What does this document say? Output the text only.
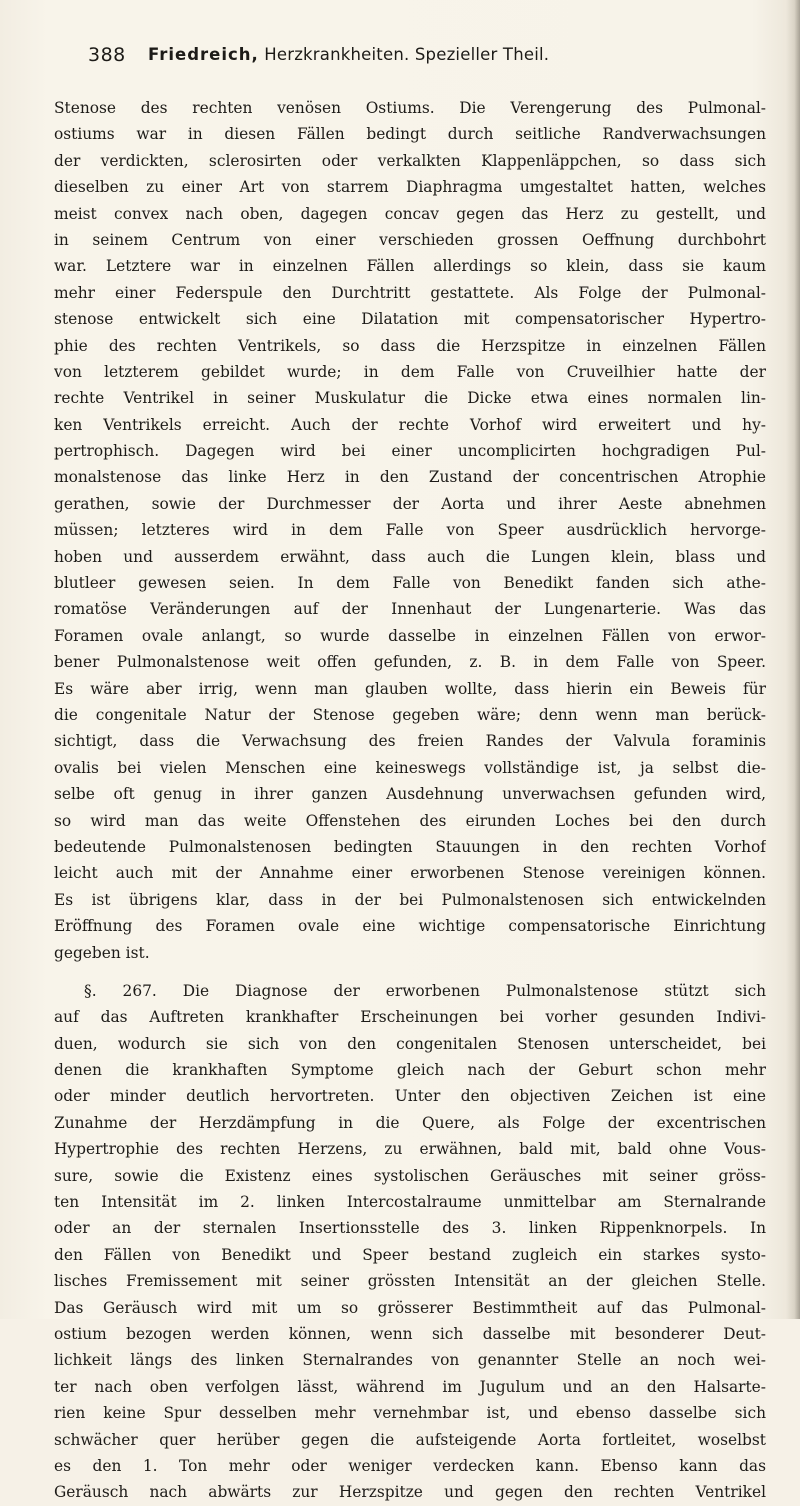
388 Friedreich, Herzkrankheiten. Spezieller Theil.
Stenose des rechten venösen Ostiums. Die Verengerung des Pulmonal-
ostiums war in diesen Fällen bedingt durch seitliche Randverwachsungen
der verdickten, sclerosirten oder verkalkten Klappenläppchen, so dass sich
dieselben zu einer Art von starrem Diaphragma umgestaltet hatten, welches
meist convex nach oben, dagegen concav gegen das Herz zu gestellt, und
in seinem Centrum von einer verschieden grossen Oeffnung durchbohrt
war. Letztere war in einzelnen Fällen allerdings so klein, dass sie kaum
mehr einer Federspule den Durchtritt gestattete. Als Folge der Pulmonal-
stenose entwickelt sich eine Dilatation mit compensatorischer Hypertro-
phie des rechten Ventrikels, so dass die Herzspitze in einzelnen Fällen
von letzterem gebildet wurde; in dem Falle von Cruveilhier hatte der
rechte Ventrikel in seiner Muskulatur die Dicke etwa eines normalen lin-
ken Ventrikels erreicht. Auch der rechte Vorhof wird erweitert und hy-
pertrophisch. Dagegen wird bei einer uncomplicirten hochgradigen Pul-
monalstenose das linke Herz in den Zustand der concentrischen Atrophie
gerathen, sowie der Durchmesser der Aorta und ihrer Aeste abnehmen
müssen; letzteres wird in dem Falle von Speer ausdrücklich hervorge-
hoben und ausserdem erwähnt, dass auch die Lungen klein, blass und
blutleer gewesen seien. In dem Falle von Benedikt fanden sich athe-
romatöse Veränderungen auf der Innenhaut der Lungenarterie. Was das
Foramen ovale anlangt, so wurde dasselbe in einzelnen Fällen von erwor-
bener Pulmonalstenose weit offen gefunden, z. B. in dem Falle von Speer.
Es wäre aber irrig, wenn man glauben wollte, dass hierin ein Beweis für
die congenitale Natur der Stenose gegeben wäre; denn wenn man berück-
sichtigt, dass die Verwachsung des freien Randes der Valvula foraminis
ovalis bei vielen Menschen eine keineswegs vollständige ist, ja selbst die-
selbe oft genug in ihrer ganzen Ausdehnung unverwachsen gefunden wird,
so wird man das weite Offenstehen des eirunden Loches bei den durch
bedeutende Pulmonalstenosen bedingten Stauungen in den rechten Vorhof
leicht auch mit der Annahme einer erworbenen Stenose vereinigen können.
Es ist übrigens klar, dass in der bei Pulmonalstenosen sich entwickelnden
Eröffnung des Foramen ovale eine wichtige compensatorische Einrichtung
gegeben ist.
§. 267. Die Diagnose der erworbenen Pulmonalstenose stützt sich
auf das Auftreten krankhafter Erscheinungen bei vorher gesunden Indivi-
duen, wodurch sie sich von den congenitalen Stenosen unterscheidet, bei
denen die krankhaften Symptome gleich nach der Geburt schon mehr
oder minder deutlich hervortreten. Unter den objectiven Zeichen ist eine
Zunahme der Herzdämpfung in die Quere, als Folge der excentrischen
Hypertrophie des rechten Herzens, zu erwähnen, bald mit, bald ohne Vous-
sure, sowie die Existenz eines systolischen Geräusches mit seiner gröss-
ten Intensität im 2. linken Intercostalraume unmittelbar am Sternalrande
oder an der sternalen Insertionsstelle des 3. linken Rippenknorpels. In
den Fällen von Benedikt und Speer bestand zugleich ein starkes systo-
lisches Fremissement mit seiner grössten Intensität an der gleichen Stelle.
Das Geräusch wird mit um so grösserer Bestimmtheit auf das Pulmonal-
ostium bezogen werden können, wenn sich dasselbe mit besonderer Deut-
lichkeit längs des linken Sternalrandes von genannter Stelle an noch wei-
ter nach oben verfolgen lässt, während im Jugulum und an den Halsarte-
rien keine Spur desselben mehr vernehmbar ist, und ebenso dasselbe sich
schwächer quer herüber gegen die aufsteigende Aorta fortleitet, woselbst
es den 1. Ton mehr oder weniger verdecken kann. Ebenso kann das
Geräusch nach abwärts zur Herzspitze und gegen den rechten Ventrikel
